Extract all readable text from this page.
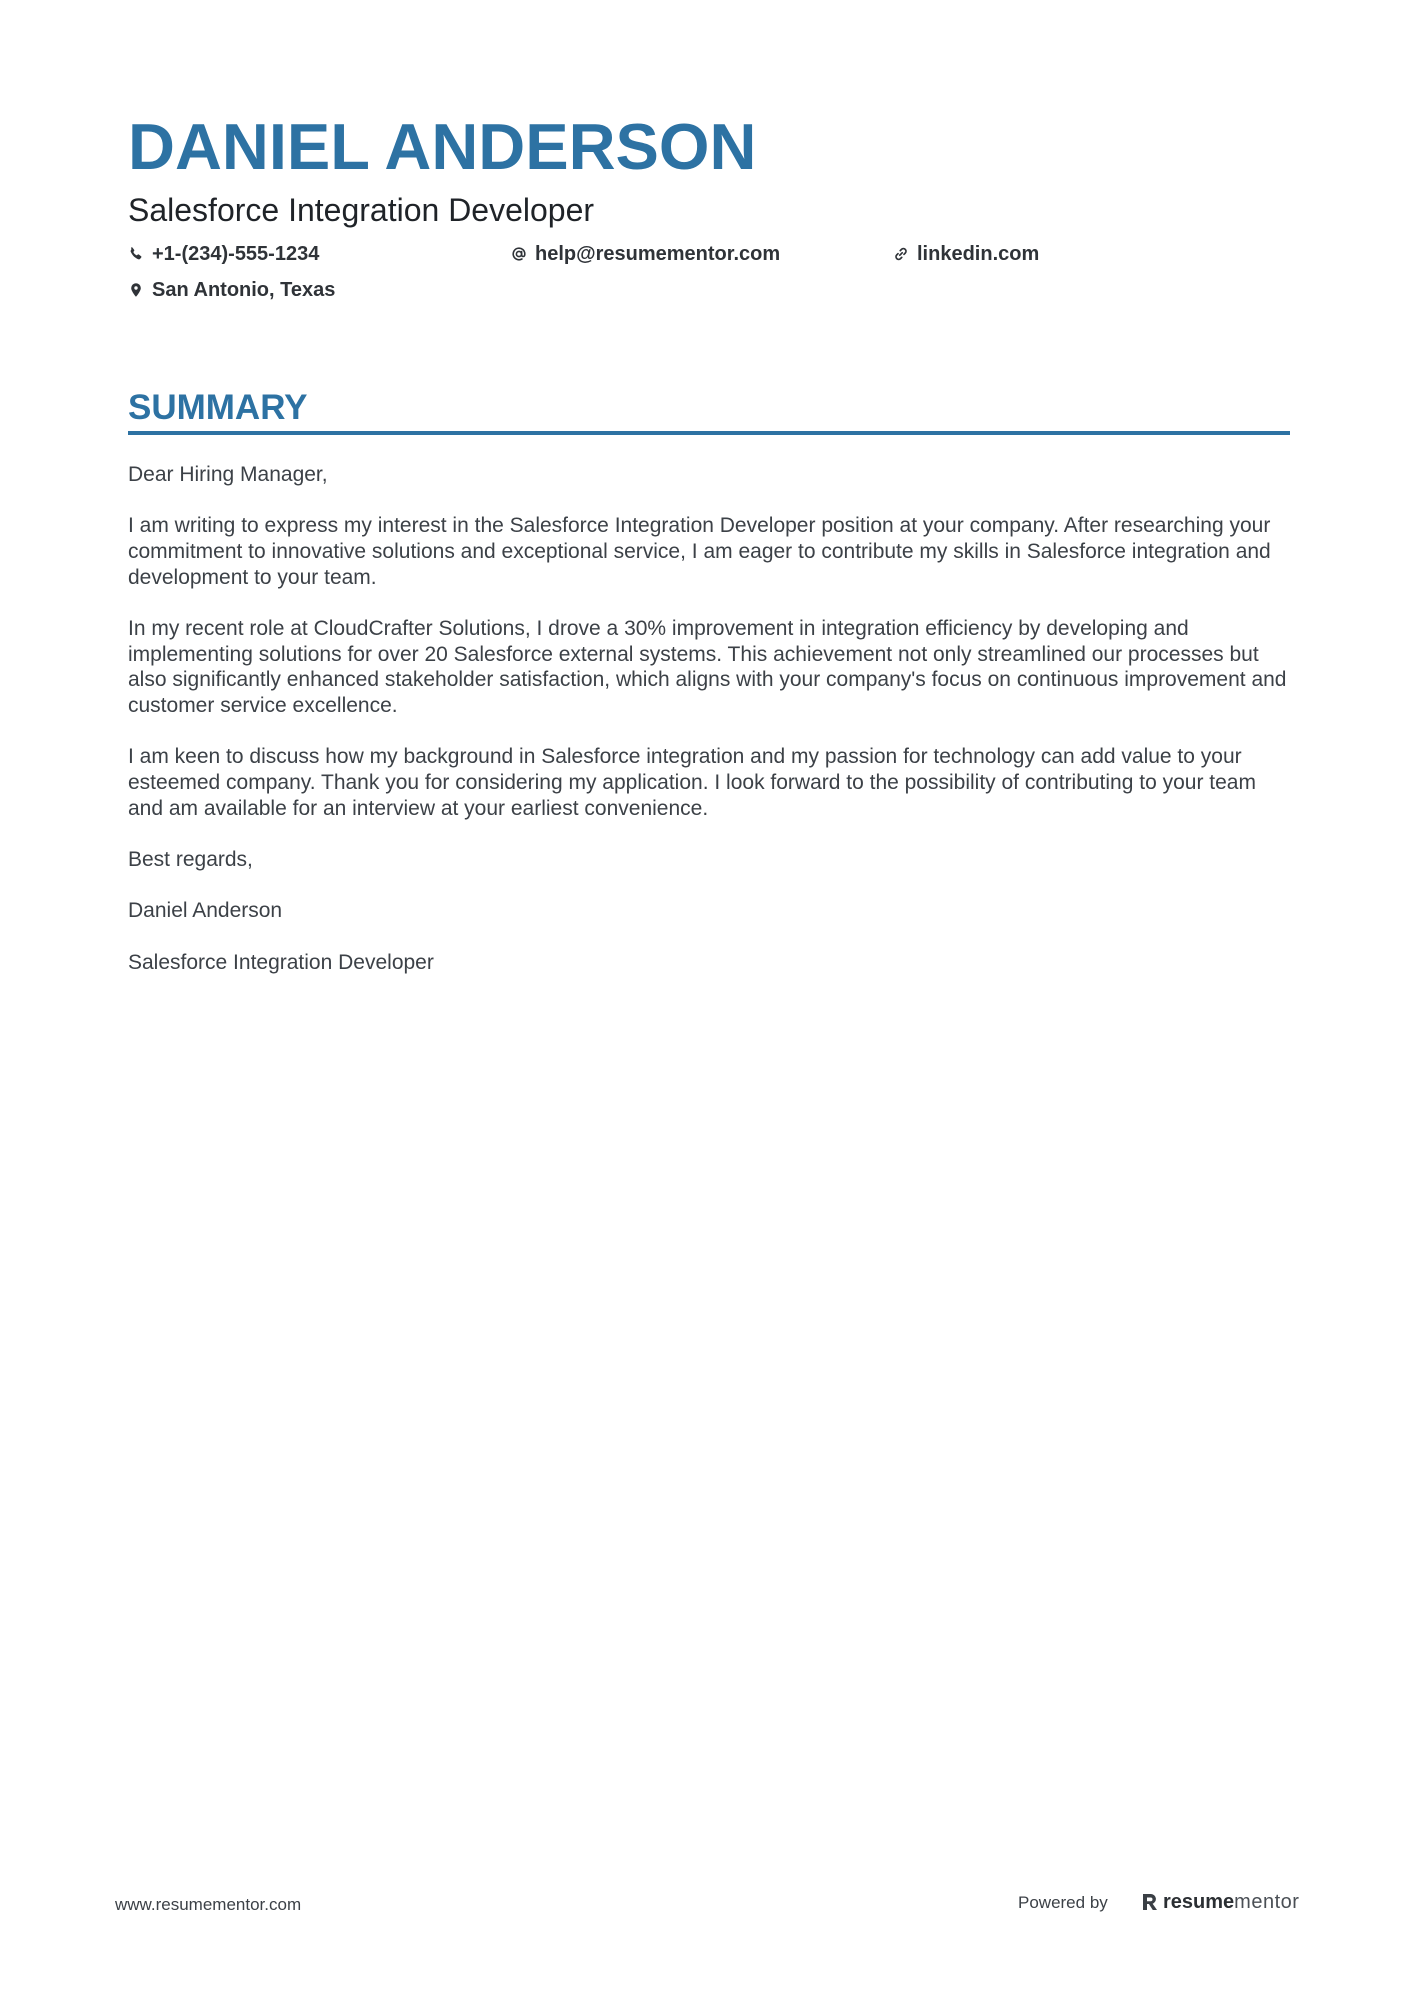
DANIEL ANDERSON
Salesforce Integration Developer
+1-(234)-555-1234	help@resumementor.com	linkedin.com
San Antonio, Texas
SUMMARY

Dear Hiring Manager,

I am writing to express my interest in the Salesforce Integration Developer position at your company. After researching your commitment to innovative solutions and exceptional service, I am eager to contribute my skills in Salesforce integration and development to your team.

In my recent role at CloudCrafter Solutions, I drove a 30% improvement in integration efficiency by developing and implementing solutions for over 20 Salesforce external systems. This achievement not only streamlined our processes but also significantly enhanced stakeholder satisfaction, which aligns with your company's focus on continuous improvement and customer service excellence.

I am keen to discuss how my background in Salesforce integration and my passion for technology can add value to your esteemed company. Thank you for considering my application. I look forward to the possibility of contributing to your team and am available for an interview at your earliest convenience.

Best regards,

Daniel Anderson

Salesforce Integration Developer

www.resumementor.com	Powered by	resume mentor
